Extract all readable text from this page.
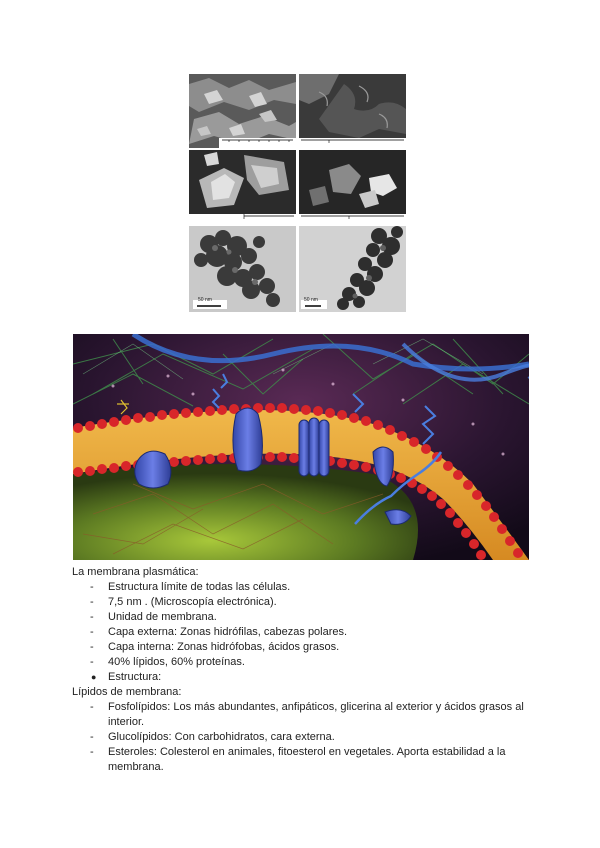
50 nm	50 nm
La membrana plasmática:
-	Estructura límite de todas las células.
-	7,5 nm . (Microscopía electrónica).
-	Unidad de membrana.
-	Capa externa: Zonas hidrófilas, cabezas polares.
-	Capa interna: Zonas hidrófobas, ácidos grasos.
-	40% lípidos, 60% proteínas.
●	Estructura:
Lípidos de membrana:
-	Fosfolípidos: Los más abundantes, anfipáticos, glicerina al exterior y ácidos grasos al interior.
-	Glucolípidos: Con carbohidratos, cara externa.
-	Esteroles: Colesterol en animales, fitoesterol en vegetales. Aporta estabilidad a la membrana.
